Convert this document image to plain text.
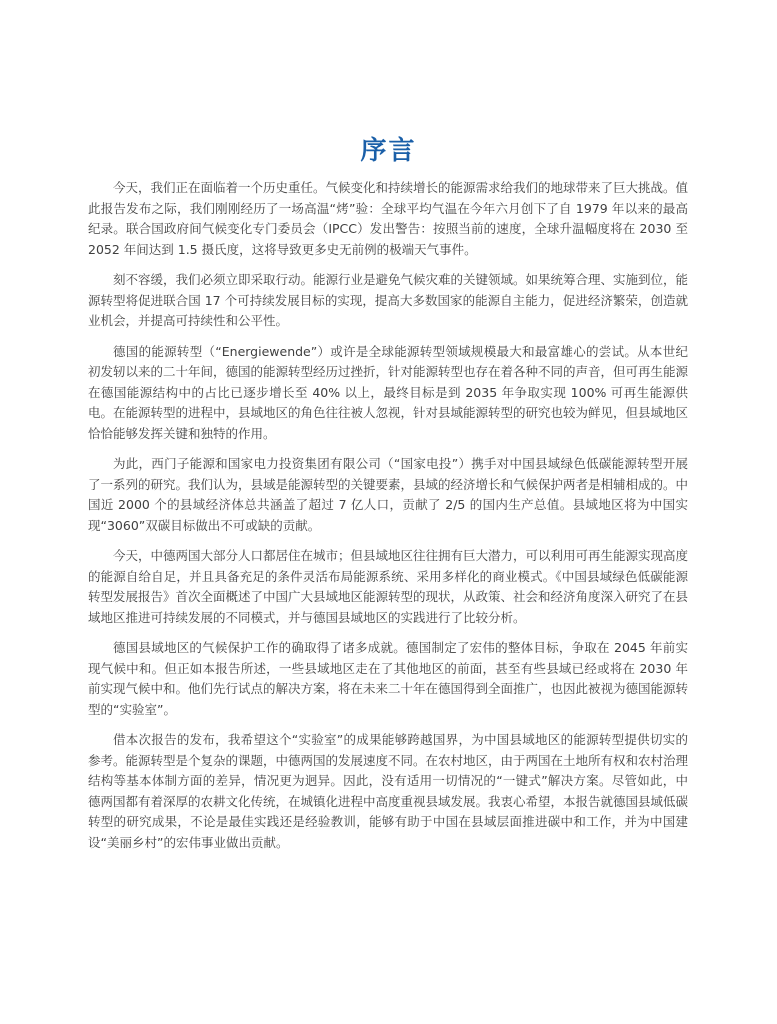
序言

今天，我们正在面临着一个历史重任。气候变化和持续增长的能源需求给我们的地球带来了巨大挑战。值此报告发布之际，我们刚刚经历了一场高温“烤”验：全球平均气温在今年六月创下了自 1979 年以来的最高纪录。联合国政府间气候变化专门委员会（IPCC）发出警告：按照当前的速度，全球升温幅度将在 2030 至 2052 年间达到 1.5 摄氏度，这将导致更多史无前例的极端天气事件。

刻不容缓，我们必须立即采取行动。能源行业是避免气候灾难的关键领域。如果统筹合理、实施到位，能源转型将促进联合国 17 个可持续发展目标的实现，提高大多数国家的能源自主能力，促进经济繁荣，创造就业机会，并提高可持续性和公平性。

德国的能源转型（“Energiewende”）或许是全球能源转型领域规模最大和最富雄心的尝试。从本世纪初发轫以来的二十年间，德国的能源转型经历过挫折，针对能源转型也存在着各种不同的声音，但可再生能源在德国能源结构中的占比已逐步增长至 40% 以上，最终目标是到 2035 年争取实现 100% 可再生能源供电。在能源转型的进程中，县域地区的角色往往被人忽视，针对县域能源转型的研究也较为鲜见，但县域地区恰恰能够发挥关键和独特的作用。

为此，西门子能源和国家电力投资集团有限公司（“国家电投”）携手对中国县域绿色低碳能源转型开展了一系列的研究。我们认为，县域是能源转型的关键要素，县域的经济增长和气候保护两者是相辅相成的。中国近 2000 个的县域经济体总共涵盖了超过 7 亿人口，贡献了 2/5 的国内生产总值。县域地区将为中国实现“3060”双碳目标做出不可或缺的贡献。

今天，中德两国大部分人口都居住在城市；但县域地区往往拥有巨大潜力，可以利用可再生能源实现高度的能源自给自足，并且具备充足的条件灵活布局能源系统、采用多样化的商业模式。《中国县域绿色低碳能源转型发展报告》首次全面概述了中国广大县域地区能源转型的现状，从政策、社会和经济角度深入研究了在县域地区推进可持续发展的不同模式，并与德国县域地区的实践进行了比较分析。

德国县域地区的气候保护工作的确取得了诸多成就。德国制定了宏伟的整体目标，争取在 2045 年前实现气候中和。但正如本报告所述，一些县域地区走在了其他地区的前面，甚至有些县域已经或将在 2030 年前实现气候中和。他们先行试点的解决方案，将在未来二十年在德国得到全面推广，也因此被视为德国能源转型的“实验室”。

借本次报告的发布，我希望这个“实验室”的成果能够跨越国界，为中国县域地区的能源转型提供切实的参考。能源转型是个复杂的课题，中德两国的发展速度不同。在农村地区，由于两国在土地所有权和农村治理结构等基本体制方面的差异，情况更为迥异。因此，没有适用一切情况的“一键式”解决方案。尽管如此，中德两国都有着深厚的农耕文化传统，在城镇化进程中高度重视县域发展。我衷心希望，本报告就德国县域低碳转型的研究成果，不论是最佳实践还是经验教训，能够有助于中国在县域层面推进碳中和工作，并为中国建设“美丽乡村”的宏伟事业做出贡献。
